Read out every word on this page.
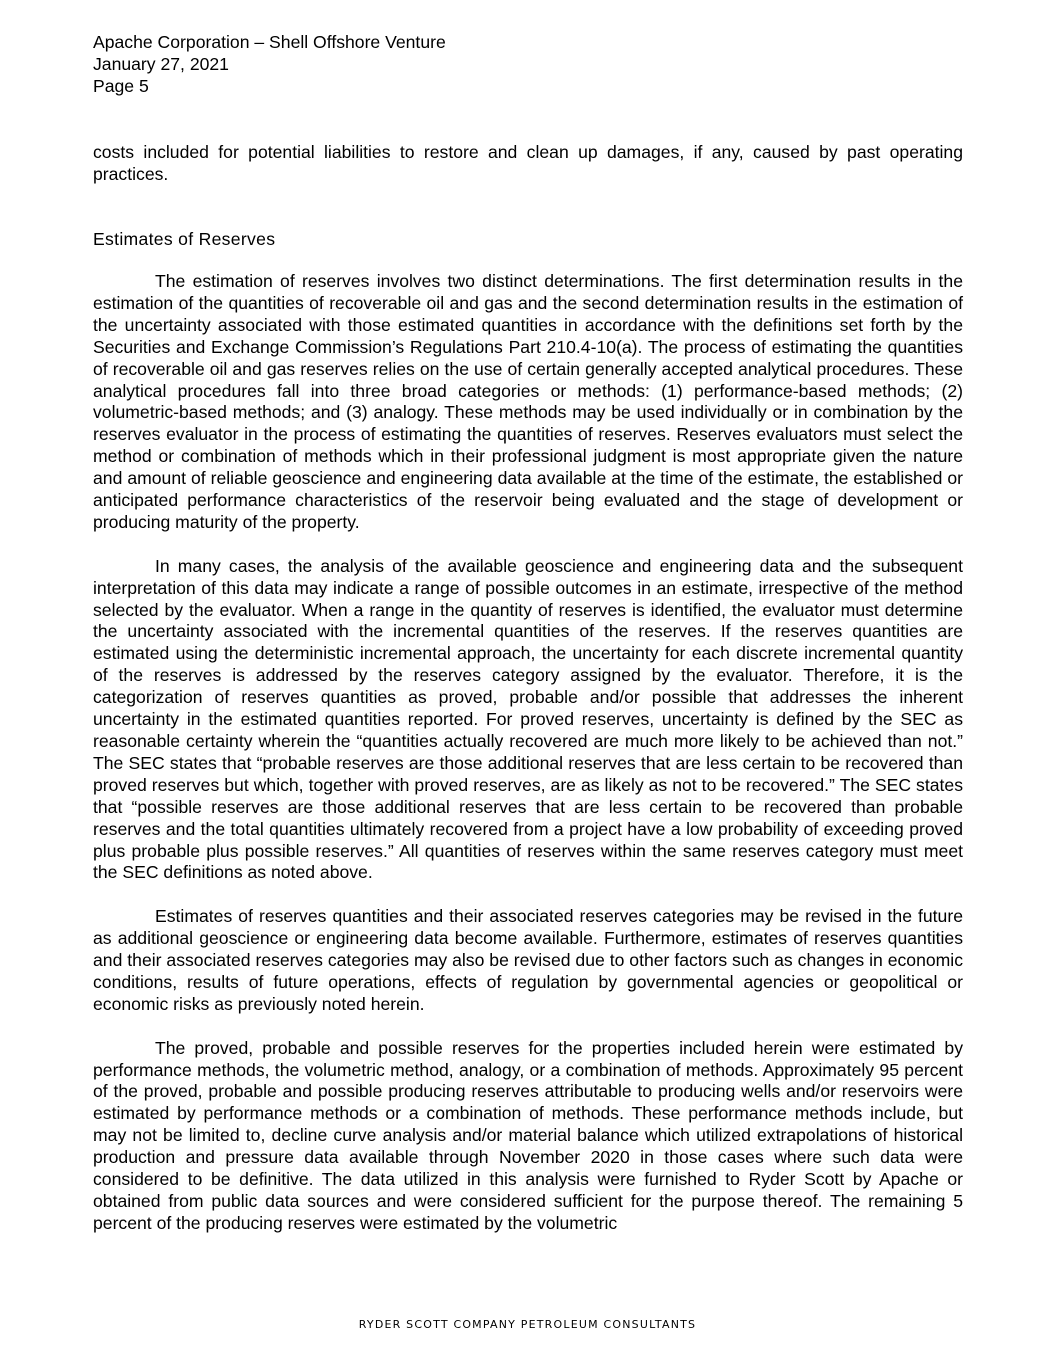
Apache Corporation – Shell Offshore Venture
January 27, 2021
Page 5

costs included for potential liabilities to restore and clean up damages, if any, caused by past operating practices.

Estimates of Reserves

The estimation of reserves involves two distinct determinations. The first determination results in the estimation of the quantities of recoverable oil and gas and the second determination results in the estimation of the uncertainty associated with those estimated quantities in accordance with the definitions set forth by the Securities and Exchange Commission’s Regulations Part 210.4-10(a). The process of estimating the quantities of recoverable oil and gas reserves relies on the use of certain generally accepted analytical procedures. These analytical procedures fall into three broad categories or methods: (1) performance-based methods; (2) volumetric-based methods; and (3) analogy. These methods may be used individually or in combination by the reserves evaluator in the process of estimating the quantities of reserves. Reserves evaluators must select the method or combination of methods which in their professional judgment is most appropriate given the nature and amount of reliable geoscience and engineering data available at the time of the estimate, the established or anticipated performance characteristics of the reservoir being evaluated and the stage of development or producing maturity of the property.

In many cases, the analysis of the available geoscience and engineering data and the subsequent interpretation of this data may indicate a range of possible outcomes in an estimate, irrespective of the method selected by the evaluator. When a range in the quantity of reserves is identified, the evaluator must determine the uncertainty associated with the incremental quantities of the reserves. If the reserves quantities are estimated using the deterministic incremental approach, the uncertainty for each discrete incremental quantity of the reserves is addressed by the reserves category assigned by the evaluator. Therefore, it is the categorization of reserves quantities as proved, probable and/or possible that addresses the inherent uncertainty in the estimated quantities reported. For proved reserves, uncertainty is defined by the SEC as reasonable certainty wherein the “quantities actually recovered are much more likely to be achieved than not.” The SEC states that “probable reserves are those additional reserves that are less certain to be recovered than proved reserves but which, together with proved reserves, are as likely as not to be recovered.” The SEC states that “possible reserves are those additional reserves that are less certain to be recovered than probable reserves and the total quantities ultimately recovered from a project have a low probability of exceeding proved plus probable plus possible reserves.” All quantities of reserves within the same reserves category must meet the SEC definitions as noted above.

Estimates of reserves quantities and their associated reserves categories may be revised in the future as additional geoscience or engineering data become available. Furthermore, estimates of reserves quantities and their associated reserves categories may also be revised due to other factors such as changes in economic conditions, results of future operations, effects of regulation by governmental agencies or geopolitical or economic risks as previously noted herein.

The proved, probable and possible reserves for the properties included herein were estimated by performance methods, the volumetric method, analogy, or a combination of methods. Approximately 95 percent of the proved, probable and possible producing reserves attributable to producing wells and/or reservoirs were estimated by performance methods or a combination of methods. These performance methods include, but may not be limited to, decline curve analysis and/or material balance which utilized extrapolations of historical production and pressure data available through November 2020 in those cases where such data were considered to be definitive. The data utilized in this analysis were furnished to Ryder Scott by Apache or obtained from public data sources and were considered sufficient for the purpose thereof. The remaining 5 percent of the producing reserves were estimated by the volumetric

RYDER SCOTT COMPANY PETROLEUM CONSULTANTS
